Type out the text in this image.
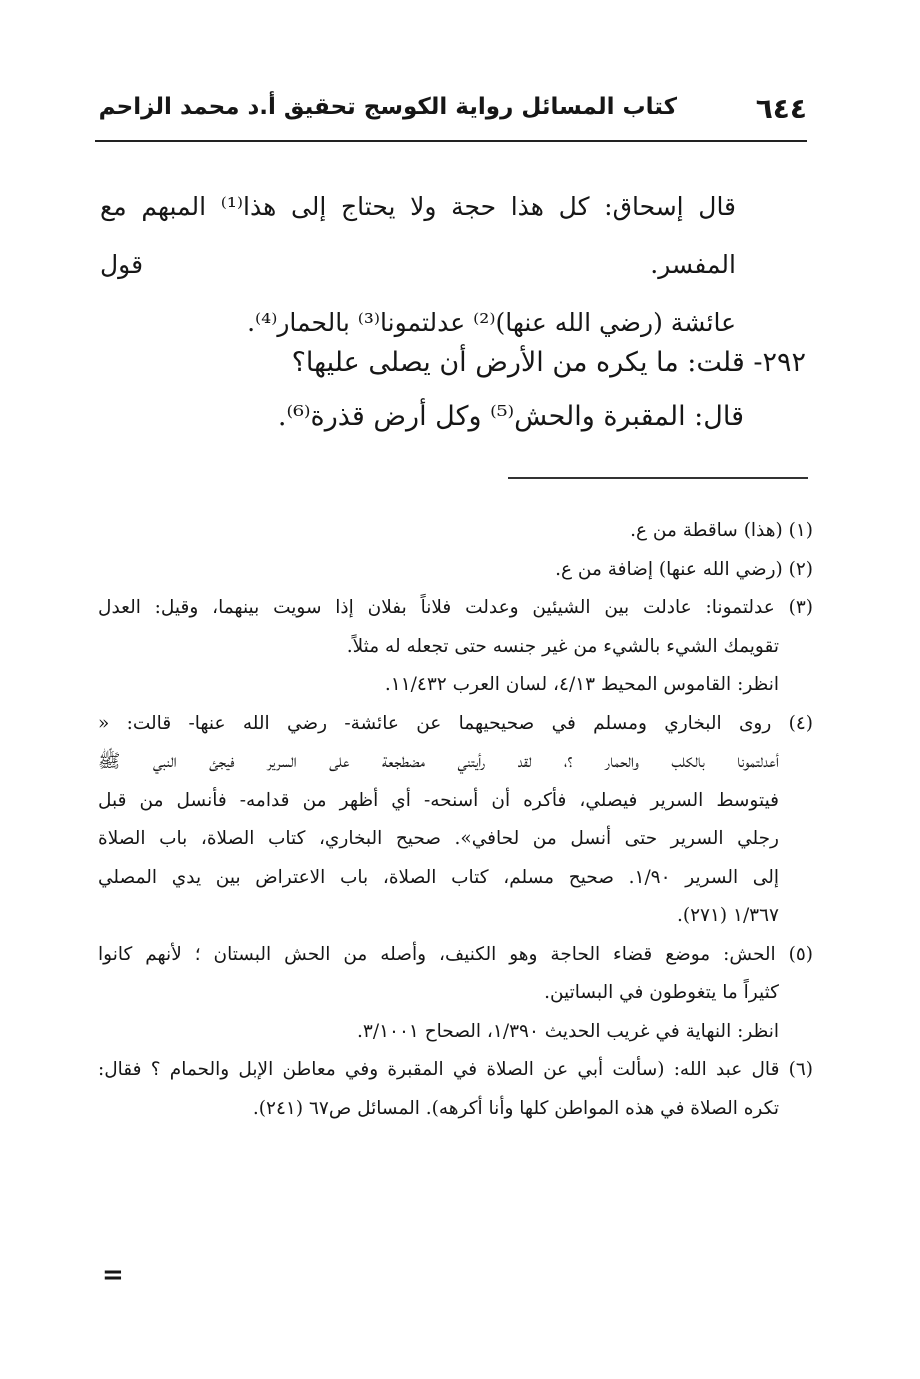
٦٤٤
كتاب المسائل رواية الكوسج تحقيق أ.د محمد الزاحم
قال إسحاق: كل هذا حجة ولا يحتاج إلى هذا⁽¹⁾ المبهم مع المفسر. قول
عائشة (رضي الله عنها)⁽²⁾ عدلتمونا⁽³⁾ بالحمار⁽⁴⁾.
٢٩٢- قلت: ما يكره من الأرض أن يصلى عليها؟
قال: المقبرة والحش⁽⁵⁾ وكل أرض قذرة⁽⁶⁾.
(١) (هذا) ساقطة من ع.
(٢) (رضي الله عنها) إضافة من ع.
(٣) عدلتمونا: عادلت بين الشيئين وعدلت فلاناً بفلان إذا سويت بينهما، وقيل: العدل
تقويمك الشيء بالشيء من غير جنسه حتى تجعله له مثلاً.
انظر: القاموس المحيط ٤/١٣، لسان العرب ١١/٤٣٢.
(٤) روى البخاري ومسلم في صحيحيهما عن عائشة- رضي الله عنها- قالت: «
أعدلتمونا بالكلب والحمار ؟، لقد رأيتني مضطجعة على السرير فيجئ النبي ﷺ
فيتوسط السرير فيصلي، فأكره أن أسنحه- أي أظهر من قدامه- فأنسل من قبل
رجلي السرير حتى أنسل من لحافي». صحيح البخاري، كتاب الصلاة، باب الصلاة
إلى السرير ١/٩٠. صحيح مسلم، كتاب الصلاة، باب الاعتراض بين يدي المصلي
١/٣٦٧ (٢٧١).
(٥) الحش: موضع قضاء الحاجة وهو الكنيف، وأصله من الحش البستان ؛ لأنهم كانوا
كثيراً ما يتغوطون في البساتين.
انظر: النهاية في غريب الحديث ١/٣٩٠، الصحاح ٣/١٠٠١.
(٦) قال عبد الله: (سألت أبي عن الصلاة في المقبرة وفي معاطن الإبل والحمام ؟ فقال:
تكره الصلاة في هذه المواطن كلها وأنا أكرهه). المسائل ص٦٧ (٢٤١).
=
